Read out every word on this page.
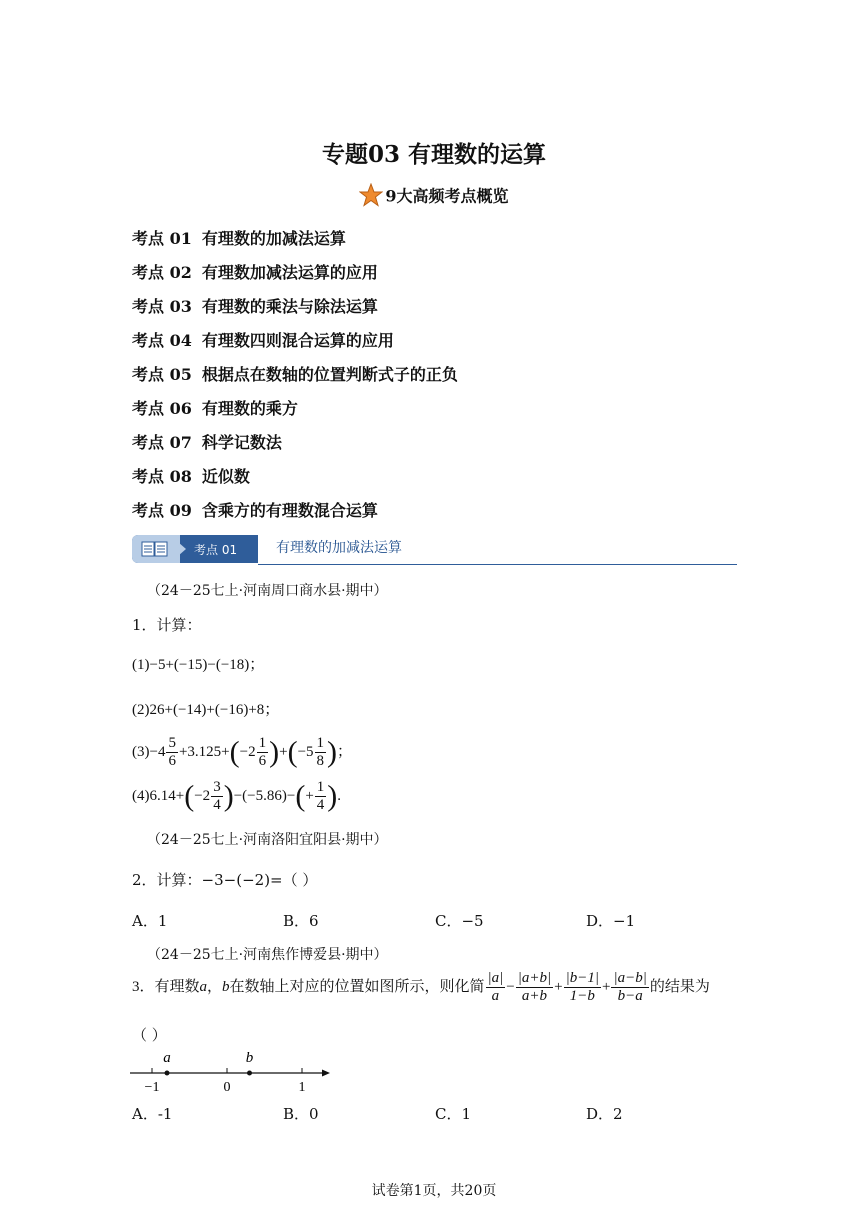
专题03 有理数的运算
9大高频考点概览
考点 01 有理数的加减法运算
考点 02 有理数加减法运算的应用
考点 03 有理数的乘法与除法运算
考点 04 有理数四则混合运算的应用
考点 05 根据点在数轴的位置判断式子的正负
考点 06 有理数的乘方
考点 07 科学记数法
考点 08 近似数
考点 09 含乘方的有理数混合运算
考点 01	有理数的加减法运算
（24－25七上·河南周口商水县·期中）
1．计算：
(1)−5+(−15)−(−18)；
(2)26+(−14)+(−16)+8；
$(3)-4 \frac{5}{6} +3.125+(-2 \frac{1}{6} )+(-5 \frac{1}{8}$ )；
$(4)6.14+(-2 \frac{3}{4} )-(-5.86)-(+ \frac{1}{4}$ ).
（24－25七上·河南洛阳宜阳县·期中）
2．计算：−3−(−2)=（ ）
A．1	B．6	C．−5	D．−1
（24－25七上·河南焦作博爱县·期中）
3．有理数a，b在数轴上对应的位置如图所示，则化简 $\frac{|a|}{a} - \frac{|a+b|}{a+b} + \frac{|b-1|}{1-b} + \frac{|a-b|}{b-a}$ 的结果为
（ ）
−1	0	1
a	b
A．-1	B．0	C．1	D．2
试卷第1页，共20页
